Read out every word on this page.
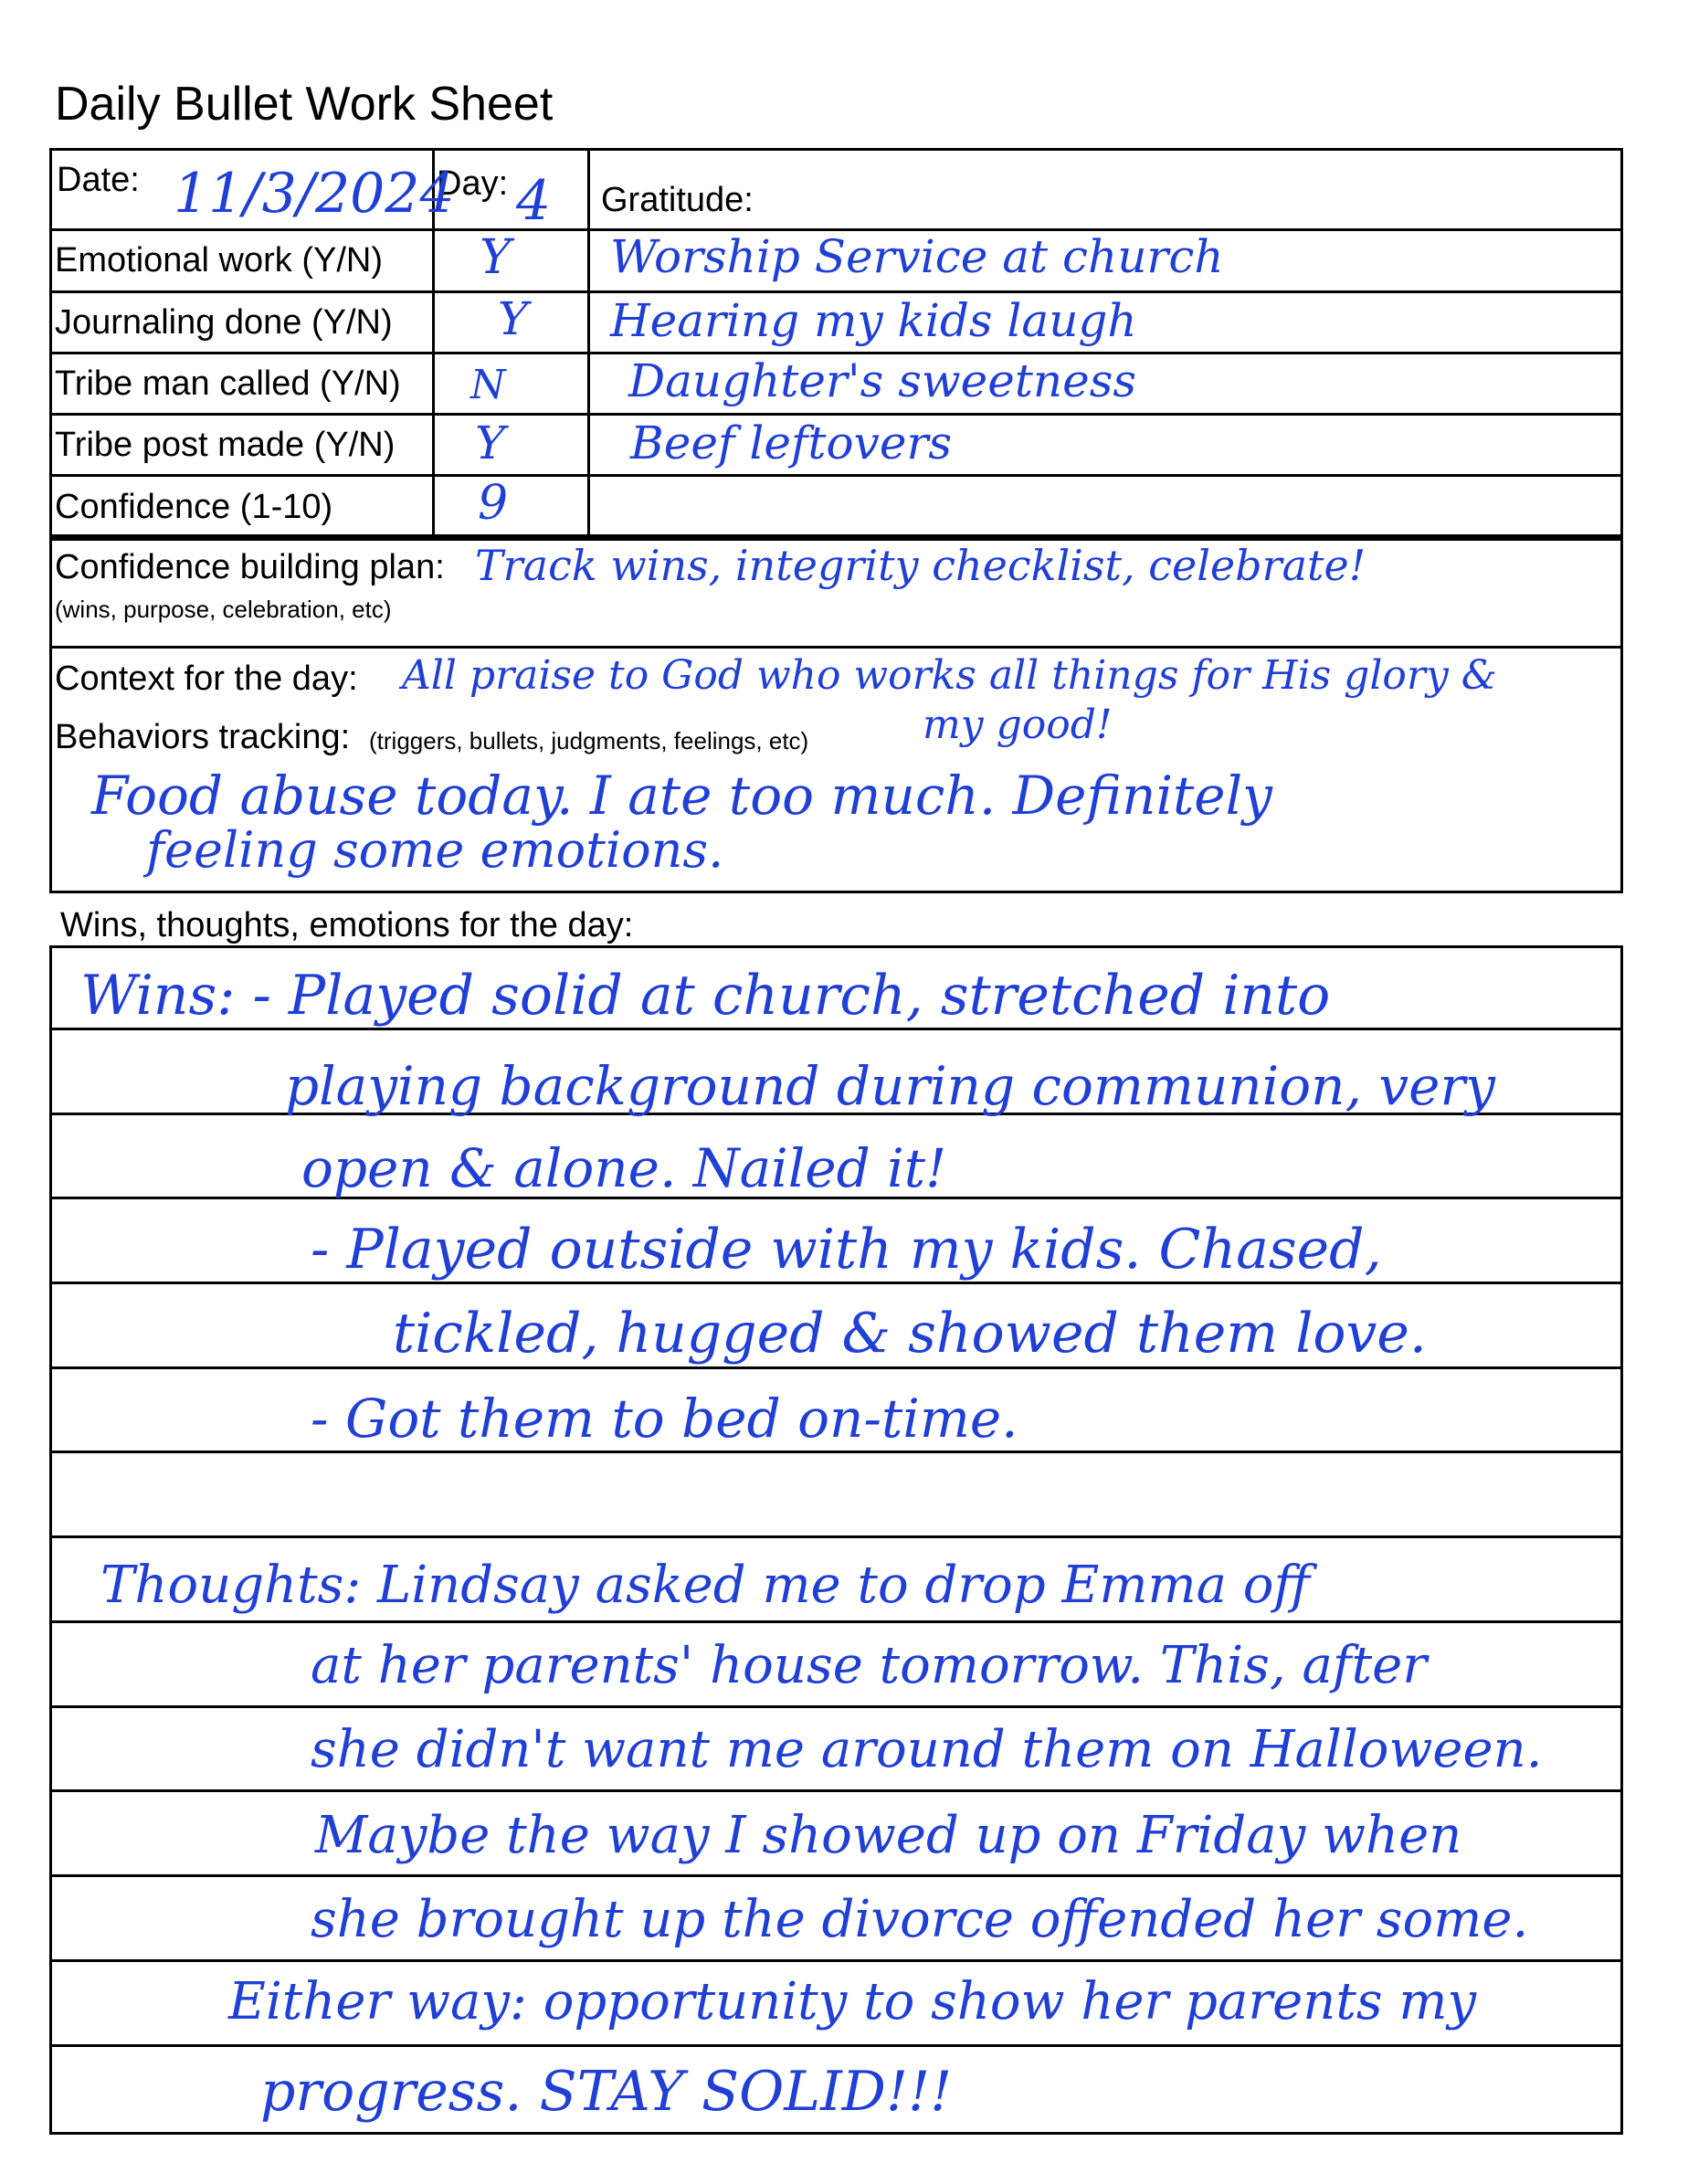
Daily Bullet Work Sheet
Date:	Day:	Gratitude:
Emotional work (Y/N)
Journaling done (Y/N)
Tribe man called (Y/N)
Tribe post made (Y/N)
Confidence (1-10)
11/3/2024 4
Y
Y
N
Y
9
Worship Service at church
Hearing my kids laugh
Daughter's sweetness
Beef leftovers
Confidence building plan:
(wins, purpose, celebration, etc)
Track wins, integrity checklist, celebrate!
Context for the day: All praise to God who works all things for His glory &
my good!
Behaviors tracking: (triggers, bullets, judgments, feelings, etc)
Food abuse today. I ate too much. Definitely
feeling some emotions.
Wins, thoughts, emotions for the day:
Wins: - Played solid at church, stretched into
playing background during communion, very
open & alone. Nailed it!
- Played outside with my kids. Chased,
tickled, hugged & showed them love.
- Got them to bed on-time.
Thoughts: Lindsay asked me to drop Emma off
at her parents' house tomorrow. This, after
she didn't want me around them on Halloween.
Maybe the way I showed up on Friday when
she brought up the divorce offended her some.
Either way: opportunity to show her parents my
progress. STAY SOLID!!!
